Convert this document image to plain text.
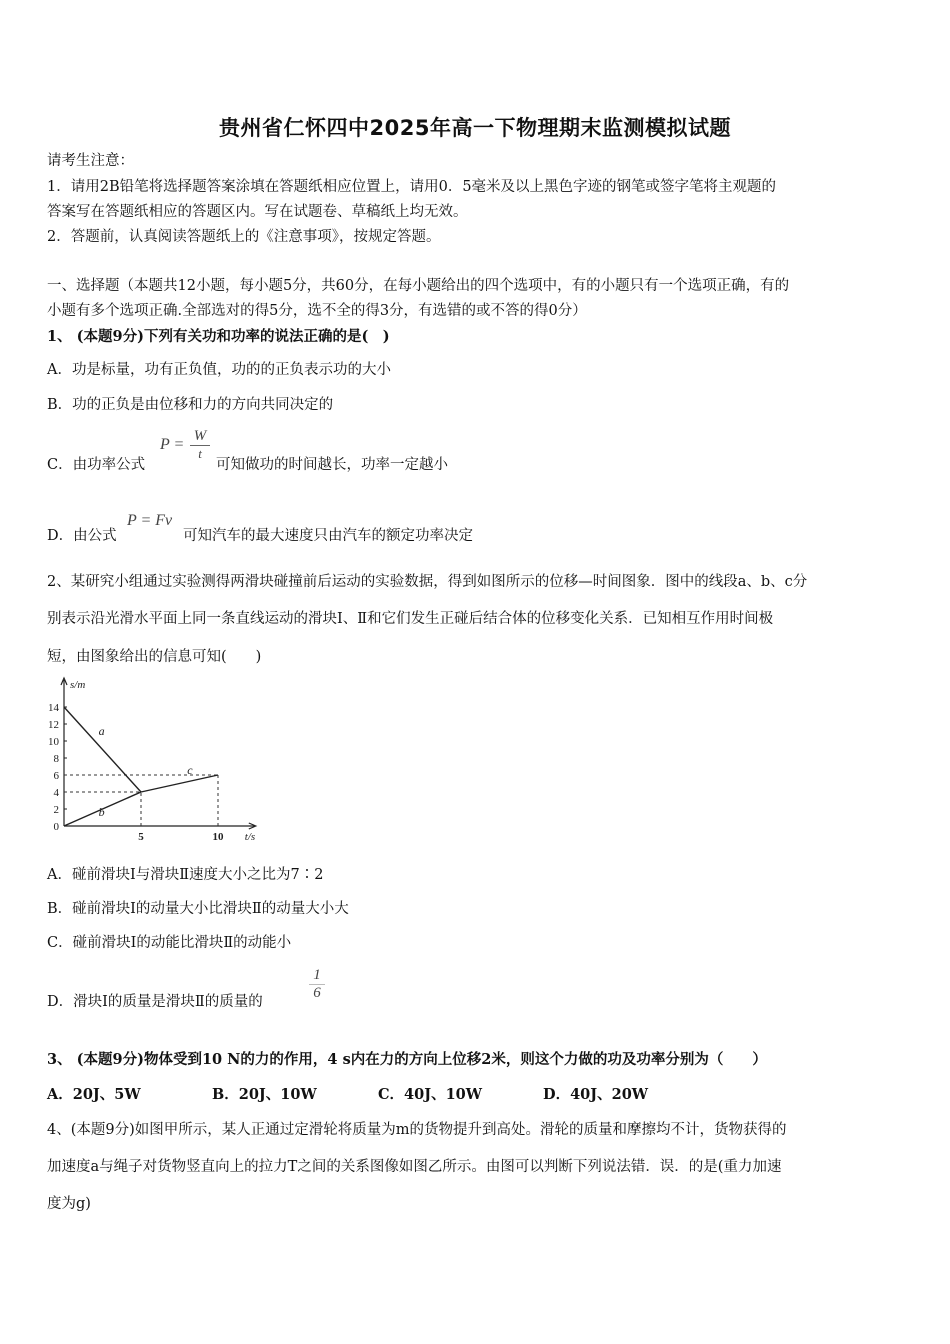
贵州省仁怀四中2025年高一下物理期末监测模拟试题
请考生注意：
1．请用2B铅笔将选择题答案涂填在答题纸相应位置上，请用0．5毫米及以上黑色字迹的钢笔或签字笔将主观题的
答案写在答题纸相应的答题区内。写在试题卷、草稿纸上均无效。
2．答题前，认真阅读答题纸上的《注意事项》，按规定答题。
一、选择题（本题共12小题，每小题5分，共60分，在每小题给出的四个选项中，有的小题只有一个选项正确，有的
小题有多个选项正确.全部选对的得5分，选不全的得3分，有选错的或不答的得0分）
1、 (本题9分)下列有关功和功率的说法正确的是(　)
A．功是标量，功有正负值，功的的正负表示功的大小
B．功的正负是由位移和力的方向共同决定的
C．由功率公式
P = W
t
可知做功的时间越长，功率一定越小
D．由公式
P = Fv
可知汽车的最大速度只由汽车的额定功率决定
2、某研究小组通过实验测得两滑块碰撞前后运动的实验数据，得到如图所示的位移—时间图象．图中的线段a、b、c分
别表示沿光滑水平面上同一条直线运动的滑块Ⅰ、Ⅱ和它们发生正碰后结合体的位移变化关系．已知相互作用时间极
短，由图象给出的信息可知(　　)
s/m
t/s
14
12
10
8
6
4
2
0
5	10
a
b
c
A．碰前滑块Ⅰ与滑块Ⅱ速度大小之比为7∶2
B．碰前滑块Ⅰ的动量大小比滑块Ⅱ的动量大小大
C．碰前滑块Ⅰ的动能比滑块Ⅱ的动能小
D．滑块Ⅰ的质量是滑块Ⅱ的质量的
1
6
3、 (本题9分)物体受到10 N的力的作用，4 s内在力的方向上位移2米，则这个力做的功及功率分别为（　　）
A．20J、5W	B．20J、10W	C．40J、10W	D．40J、20W
4、(本题9分)如图甲所示，某人正通过定滑轮将质量为m的货物提升到高处。滑轮的质量和摩擦均不计，货物获得的
加速度a与绳子对货物竖直向上的拉力T之间的关系图像如图乙所示。由图可以判断下列说法错．误．的是(重力加速
度为g)
